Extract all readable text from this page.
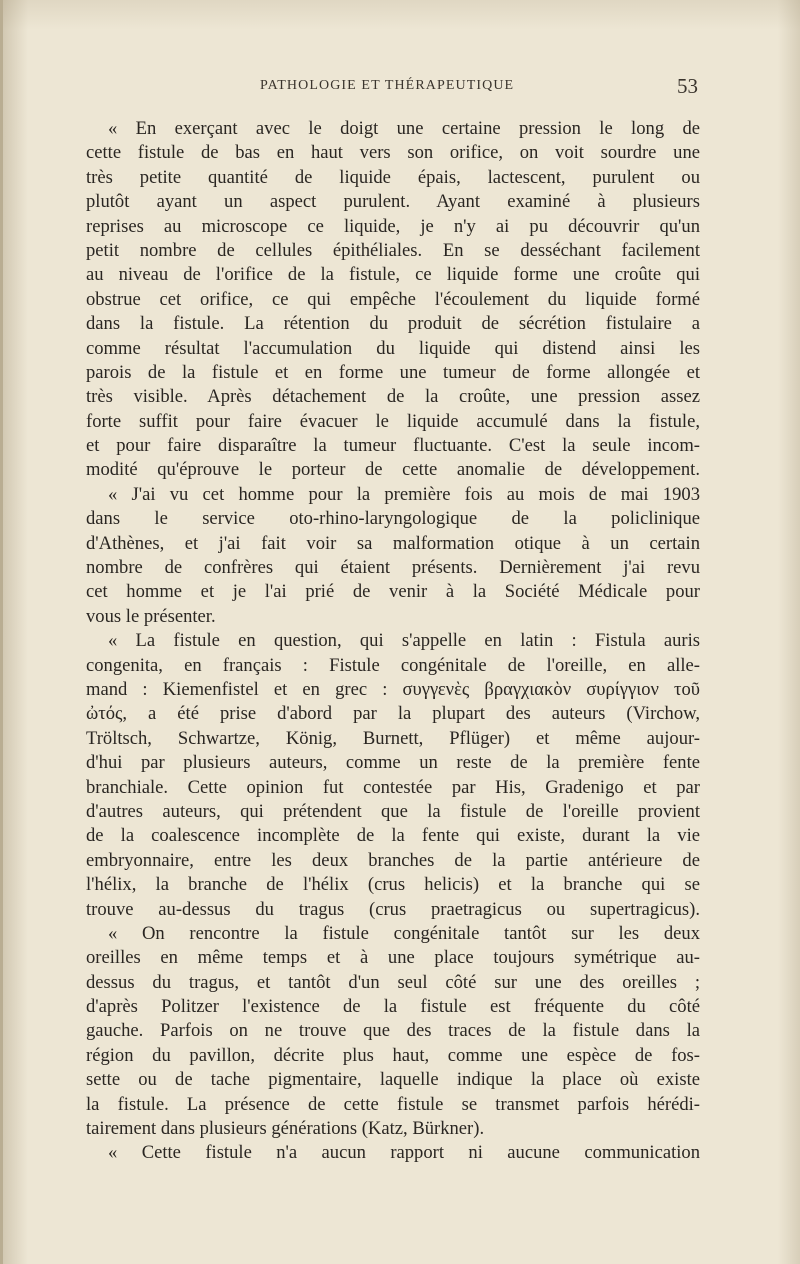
PATHOLOGIE ET THÉRAPEUTIQUE	53
« En exerçant avec le doigt une certaine pression le long de
cette fistule de bas en haut vers son orifice, on voit sourdre une
très petite quantité de liquide épais, lactescent, purulent ou
plutôt ayant un aspect purulent. Ayant examiné à plusieurs
reprises au microscope ce liquide, je n'y ai pu découvrir qu'un
petit nombre de cellules épithéliales. En se desséchant facilement
au niveau de l'orifice de la fistule, ce liquide forme une croûte qui
obstrue cet orifice, ce qui empêche l'écoulement du liquide formé
dans la fistule. La rétention du produit de sécrétion fistulaire a
comme résultat l'accumulation du liquide qui distend ainsi les
parois de la fistule et en forme une tumeur de forme allongée et
très visible. Après détachement de la croûte, une pression assez
forte suffit pour faire évacuer le liquide accumulé dans la fistule,
et pour faire disparaître la tumeur fluctuante. C'est la seule incom-
modité qu'éprouve le porteur de cette anomalie de développement.
« J'ai vu cet homme pour la première fois au mois de mai 1903
dans le service oto-rhino-laryngologique de la policlinique
d'Athènes, et j'ai fait voir sa malformation otique à un certain
nombre de confrères qui étaient présents. Dernièrement j'ai revu
cet homme et je l'ai prié de venir à la Société Médicale pour
vous le présenter.
« La fistule en question, qui s'appelle en latin : Fistula auris
congenita, en français : Fistule congénitale de l'oreille, en alle-
mand : Kiemenfistel et en grec : συγγενὲς βραγχιακὸν συρίγγιον τοῦ
ὠτός, a été prise d'abord par la plupart des auteurs (Virchow,
Tröltsch, Schwartze, König, Burnett, Pflüger) et même aujour-
d'hui par plusieurs auteurs, comme un reste de la première fente
branchiale. Cette opinion fut contestée par His, Gradenigo et par
d'autres auteurs, qui prétendent que la fistule de l'oreille provient
de la coalescence incomplète de la fente qui existe, durant la vie
embryonnaire, entre les deux branches de la partie antérieure de
l'hélix, la branche de l'hélix (crus helicis) et la branche qui se
trouve au-dessus du tragus (crus praetragicus ou supertragicus).
« On rencontre la fistule congénitale tantôt sur les deux
oreilles en même temps et à une place toujours symétrique au-
dessus du tragus, et tantôt d'un seul côté sur une des oreilles ;
d'après Politzer l'existence de la fistule est fréquente du côté
gauche. Parfois on ne trouve que des traces de la fistule dans la
région du pavillon, décrite plus haut, comme une espèce de fos-
sette ou de tache pigmentaire, laquelle indique la place où existe
la fistule. La présence de cette fistule se transmet parfois hérédi-
tairement dans plusieurs générations (Katz, Bürkner).
« Cette fistule n'a aucun rapport ni aucune communication
